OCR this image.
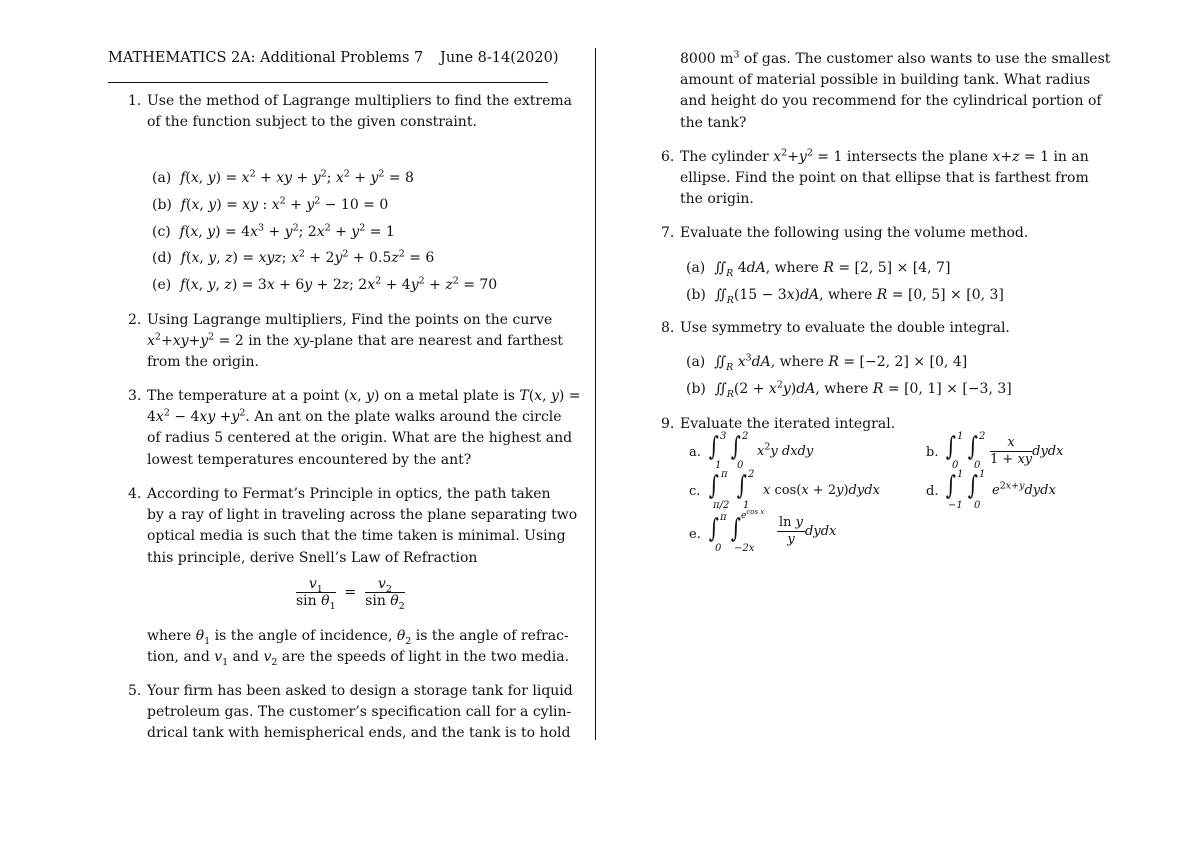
MATHEMATICS 2A: Additional Problems 7 June 8-14(2020)
1. Use the method of Lagrange multipliers to find the extrema
of the function subject to the given constraint.
(a) f(x, $y) = x^2$ + xy + $y^2$; $x^2 + y^2 = 8$
(b) f(x, y) = xy : $x^2 + y^2 - 10 = 0$
(c) f(x, $y) = 4x^3 + y^2$; $2x^2 + y^2 = 1$
(d) f(x, y, z) = xyz; $x^2 + 2y^2 + 0.5z^2 = 6$
(e) f(x, y, z) = 3x + 6y + 2z; $2x^2 + 4y^2 + z^2 = 70$
2. Using Lagrange multipliers, Find the points on the curve
$x^2+xy+y^2 = 2$ in the xy-plane that are nearest and farthest
from the origin.
3. The temperature at a point (x, y) on a metal plate is T(x, y) =
$4x^2 - 4xy +y^2$. An ant on the plate walks around the circle
of radius 5 centered at the origin. What are the highest and
lowest temperatures encountered by the ant?
4. According to Fermat’s Principle in optics, the path taken
by a ray of light in traveling across the plane separating two
optical media is such that the time taken is minimal. Using
this principle, derive Snell’s Law of Refraction
$\frac{v_1}{\sin \theta_1} = \frac{v_2}{\sin \theta_2}$
where $\theta_1$ is the angle of incidence, $\theta_2$ is the angle of refrac-
tion, and $v_1$ and $v_2$ are the speeds of light in the two media.
5. Your firm has been asked to design a storage tank for liquid
petroleum gas. The customer’s specification call for a cylin-
drical tank with hemispherical ends, and the tank is to hold
8000 $m^3$ of gas. The customer also wants to use the smallest
amount of material possible in building tank. What radius
and height do you recommend for the cylindrical portion of
the tank?
6. The cylinder $x^2+y^2 = 1$ intersects the plane x+z = 1 in an
ellipse. Find the point on that ellipse that is farthest from
the origin.
7. Evaluate the following using the volume method.
(a) $∬_R$ 4dA, where R = [2, 5] × [4, 7]
(b) $∬_R(15 - 3x)dA$, where R = [0, 5] × [0, 3]
8. Use symmetry to evaluate the double integral.
(a) $∬_R$ $x^3dA$, where R = [−2, 2] × [0, 4]
(b) $∬_R(2 + x^2y)dA$, where R = [0, 1] × [−3, 3]
9. Evaluate the iterated integral.
a. ∫ 3
1
∫ 2
0
$x^2y$ dxdy	b. ∫ 1
0
∫ 2
$0 \frac{x}{1 + xy}$ dydx
c. ∫ π
π/2
∫ 2
1
x cos(x + 2y)dydx	d. ∫ 1
−1
∫ 1
0
$e^{2x+y}dydx$
e. ∫ π
0
∫ $e^{cos x}$
−2x
$\frac{\text{ln y}}{y}$ dydx
